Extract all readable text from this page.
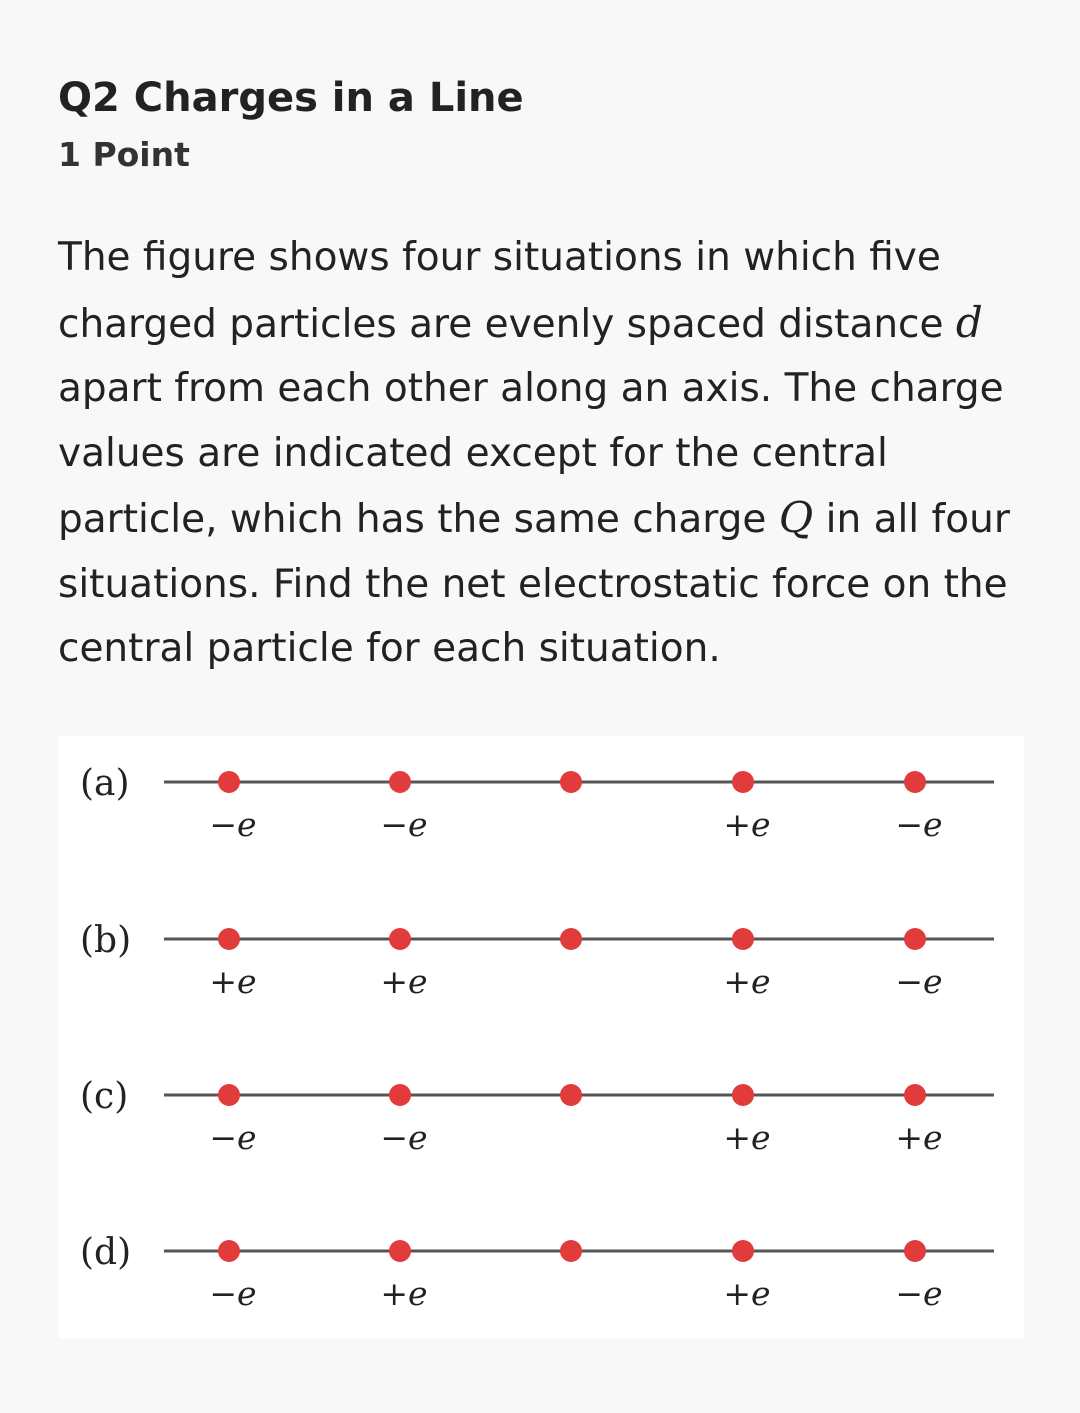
Q2 Charges in a Line
1 Point
The figure shows four situations in which five charged particles are evenly spaced distance d apart from each other along an axis. The charge values are indicated except for the central particle, which has the same charge Q in all four situations. Find the net electrostatic force on the central particle for each situation.
(a)
−e	−e	+e	−e
(b)
+e	+e	+e	−e
(c)
−e	−e	+e	+e
(d)
−e	+e	+e	−e
